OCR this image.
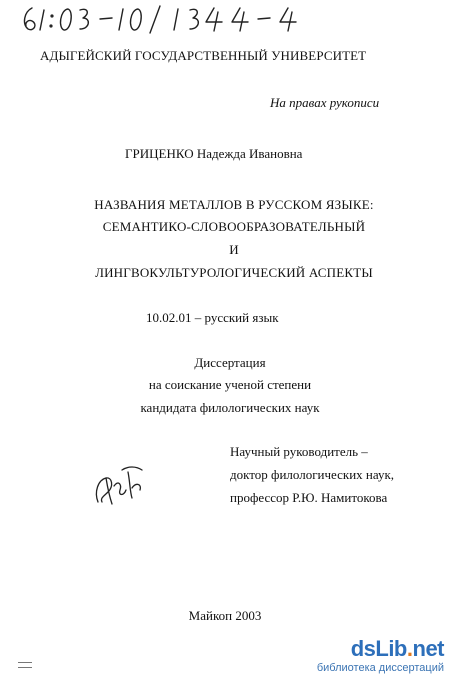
АДЫГЕЙСКИЙ ГОСУДАРСТВЕННЫЙ УНИВЕРСИТЕТ
На правах рукописи
ГРИЦЕНКО Надежда Ивановна
НАЗВАНИЯ МЕТАЛЛОВ В РУССКОМ ЯЗЫКЕ:
СЕМАНТИКО-СЛОВООБРАЗОВАТЕЛЬНЫЙ
И
ЛИНГВОКУЛЬТУРОЛОГИЧЕСКИЙ АСПЕКТЫ
10.02.01 – русский язык
Диссертация
на соискание ученой степени
кандидата филологических наук
Научный руководитель –
доктор филологических наук,
профессор Р.Ю. Намитокова
Майкоп 2003
dsLib.net
библиотека диссертаций
